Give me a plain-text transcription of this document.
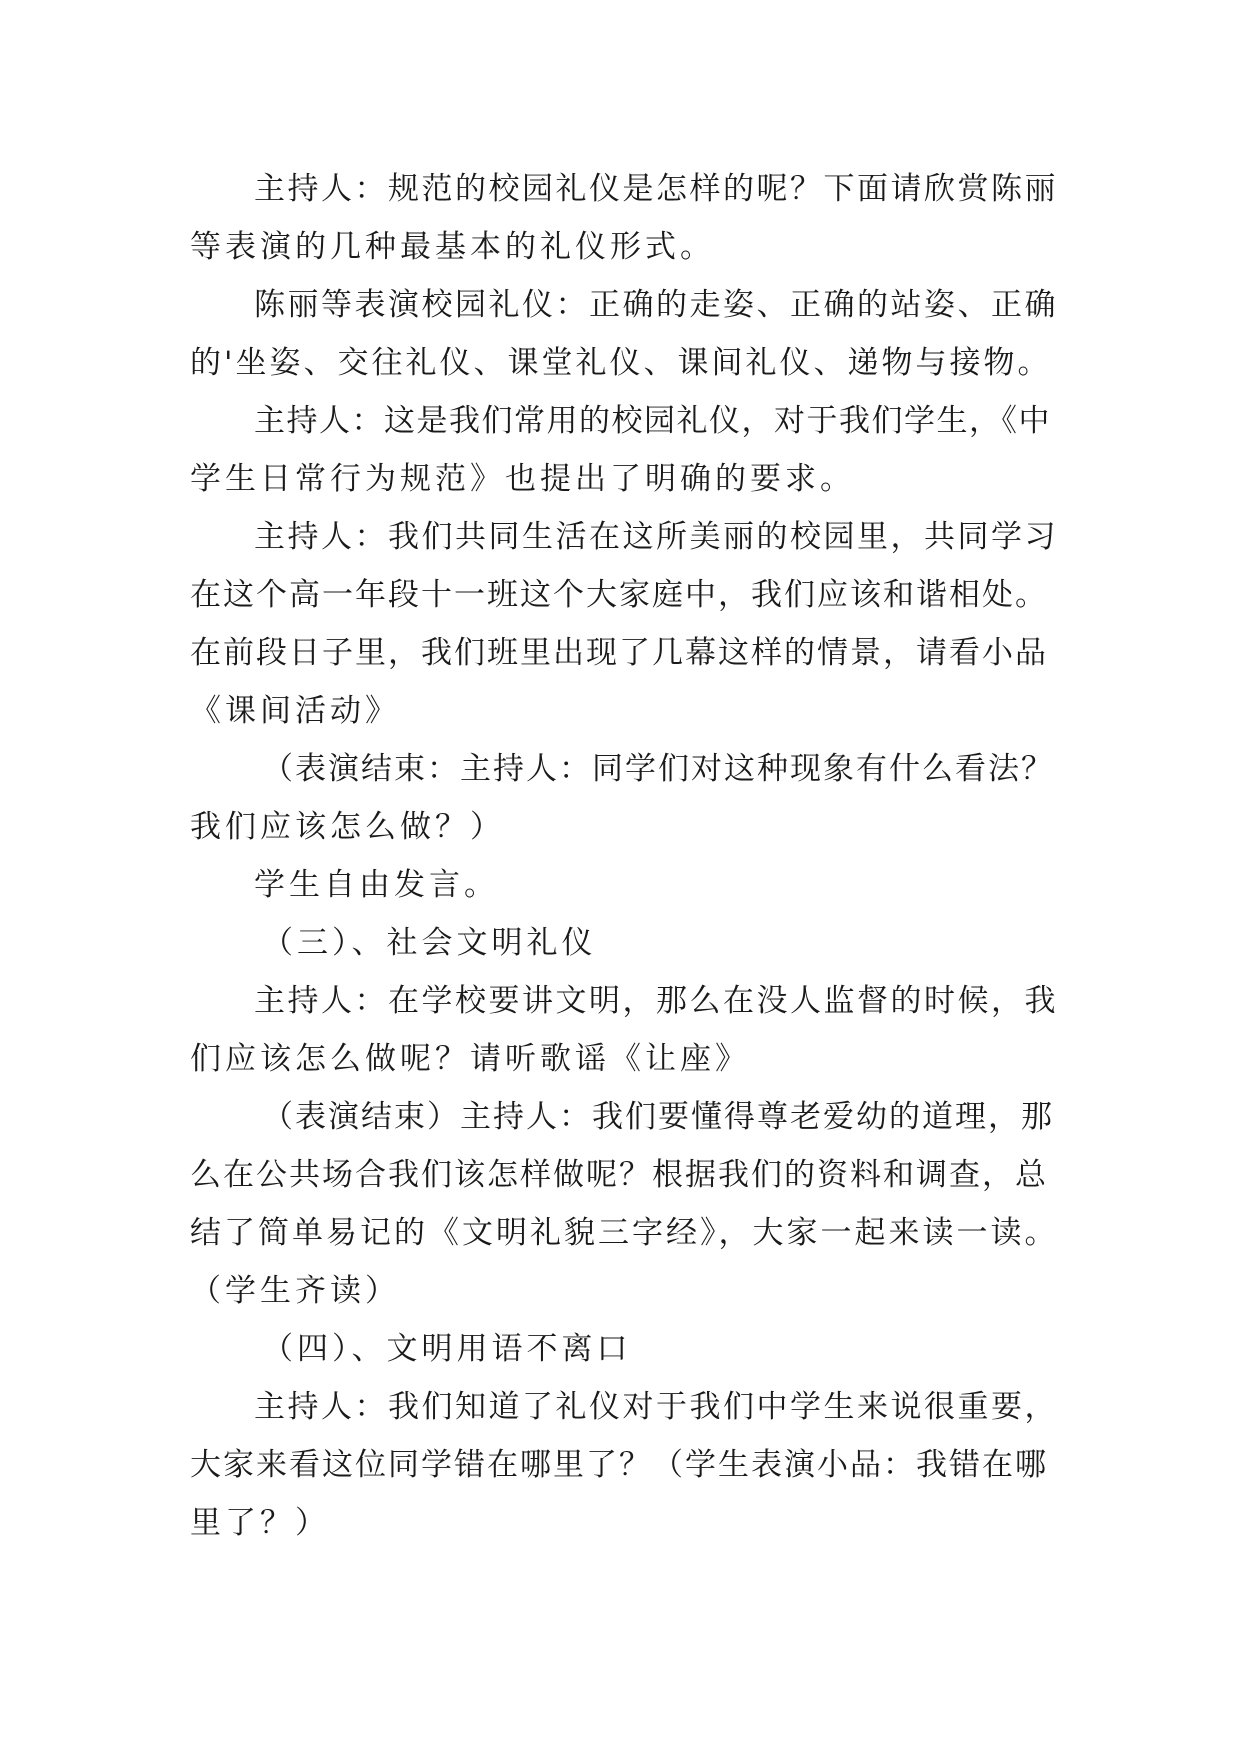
主持人：规范的校园礼仪是怎样的呢？下面请欣赏陈丽
等表演的几种最基本的礼仪形式。
陈丽等表演校园礼仪：正确的走姿、正确的站姿、正确
的'坐姿、交往礼仪、课堂礼仪、课间礼仪、递物与接物。
主持人：这是我们常用的校园礼仪，对于我们学生，《中
学生日常行为规范》也提出了明确的要求。
主持人：我们共同生活在这所美丽的校园里，共同学习
在这个高一年段十一班这个大家庭中，我们应该和谐相处。
在前段日子里，我们班里出现了几幕这样的情景，请看小品
《课间活动》
（表演结束：主持人：同学们对这种现象有什么看法？
我们应该怎么做？）
学生自由发言。
（三）、社会文明礼仪
主持人：在学校要讲文明，那么在没人监督的时候，我
们应该怎么做呢？请听歌谣《让座》
（表演结束）主持人：我们要懂得尊老爱幼的道理，那
么在公共场合我们该怎样做呢？根据我们的资料和调查，总
结了简单易记的《文明礼貌三字经》，大家一起来读一读。
（学生齐读）
（四）、文明用语不离口
主持人：我们知道了礼仪对于我们中学生来说很重要，
大家来看这位同学错在哪里了？（学生表演小品：我错在哪
里了？）
